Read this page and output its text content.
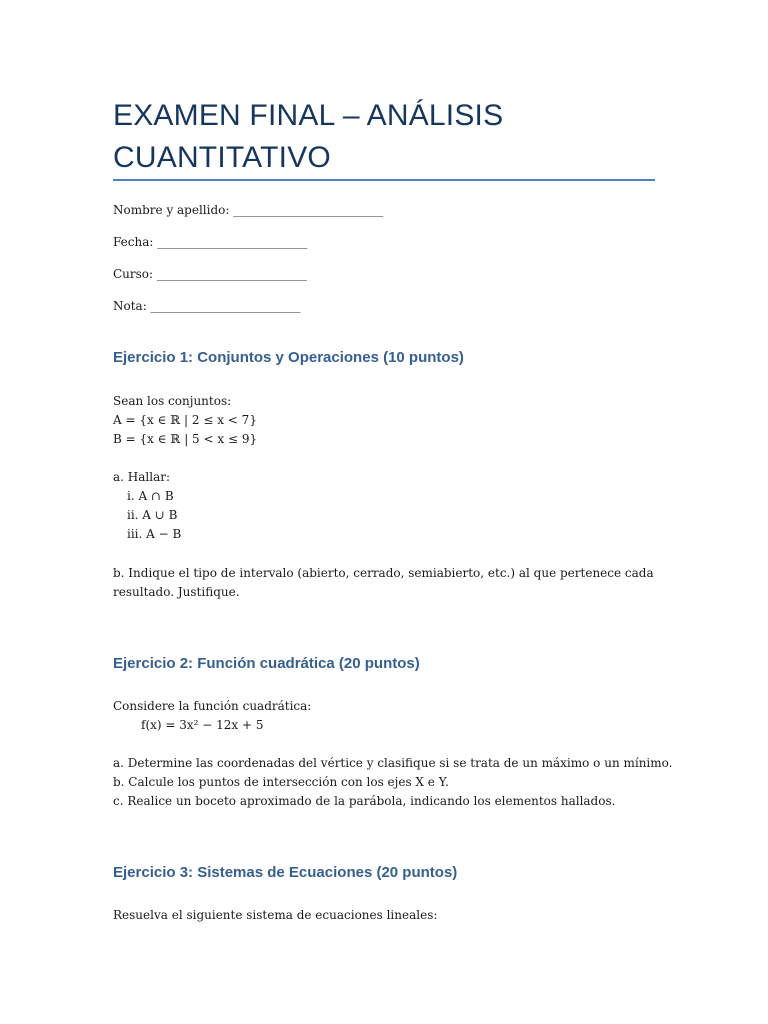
EXAMEN FINAL – ANÁLISIS
CUANTITATIVO
Nombre y apellido: _________________________
Fecha: _________________________
Curso: _________________________
Nota: _________________________
Ejercicio 1: Conjuntos y Operaciones (10 puntos)
Sean los conjuntos:
A = {x ∈ ℝ | 2 ≤ x < 7}
B = {x ∈ ℝ | 5 < x ≤ 9}
a. Hallar:
i. A ∩ B
ii. A ∪ B
iii. A − B
b. Indique el tipo de intervalo (abierto, cerrado, semiabierto, etc.) al que pertenece cada
resultado. Justifique.
Ejercicio 2: Función cuadrática (20 puntos)
Considere la función cuadrática:
f(x) = 3x² − 12x + 5
a. Determine las coordenadas del vértice y clasifique si se trata de un máximo o un mínimo.
b. Calcule los puntos de intersección con los ejes X e Y.
c. Realice un boceto aproximado de la parábola, indicando los elementos hallados.
Ejercicio 3: Sistemas de Ecuaciones (20 puntos)
Resuelva el siguiente sistema de ecuaciones lineales:
